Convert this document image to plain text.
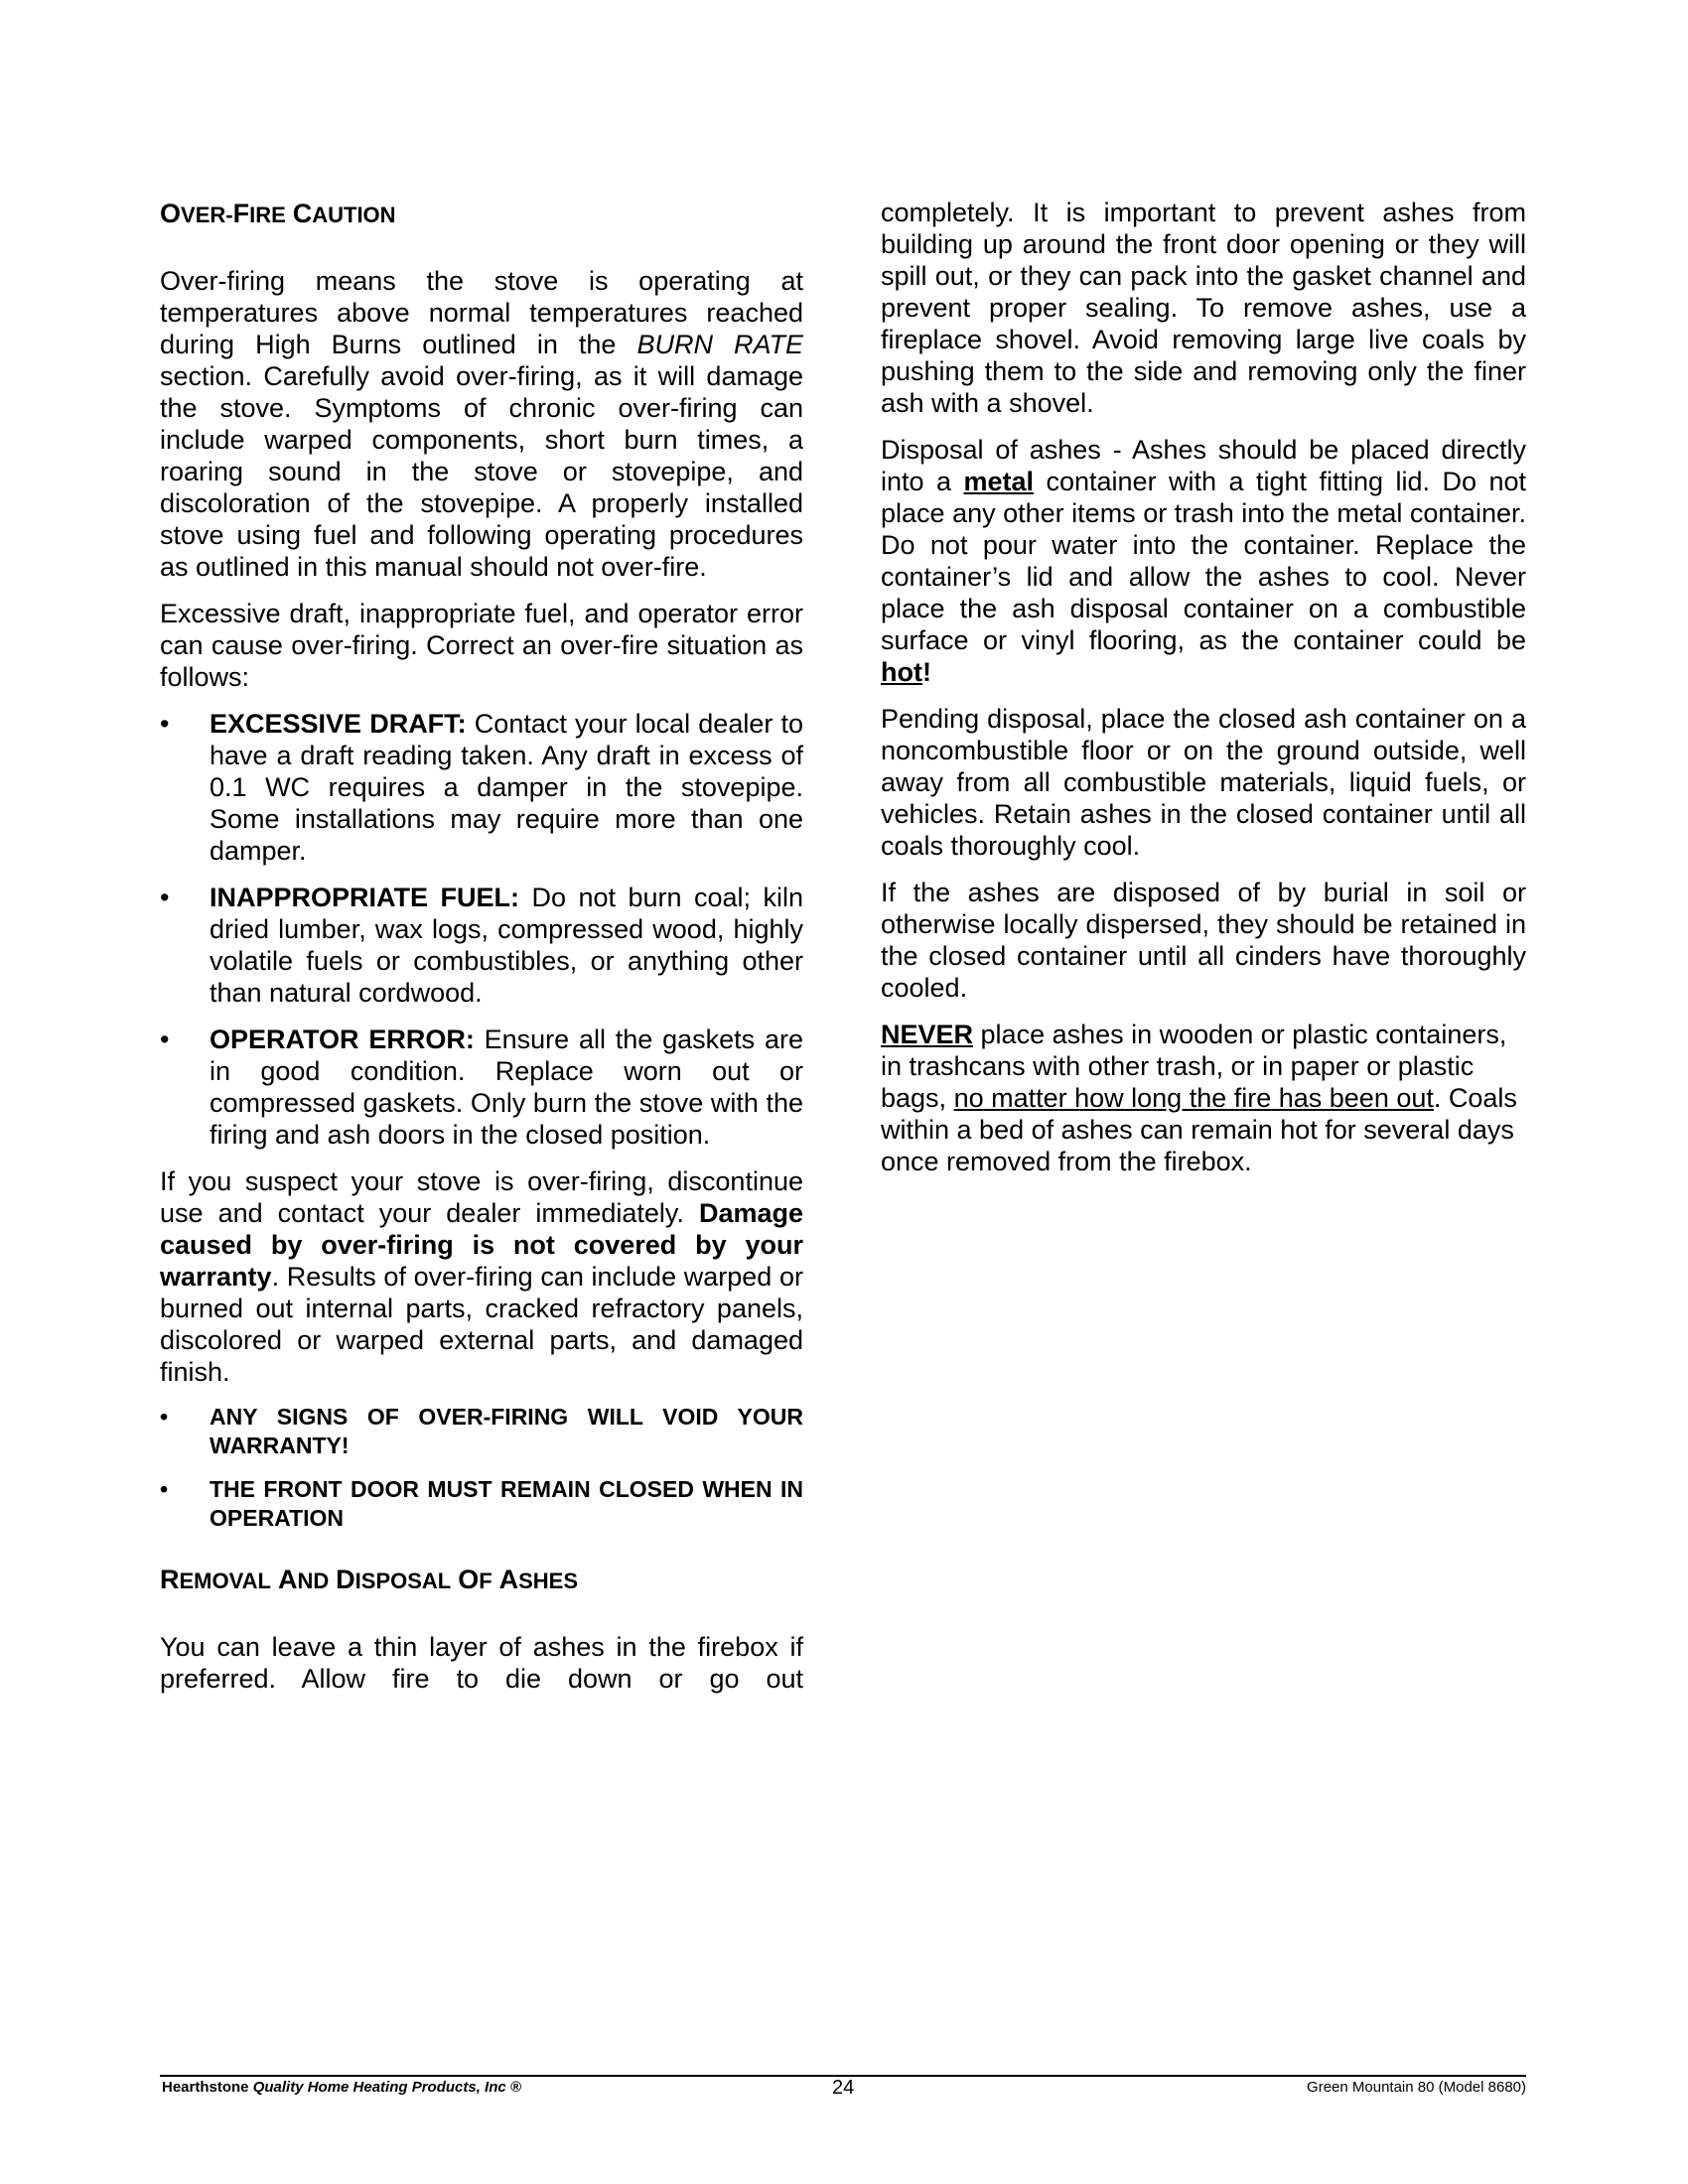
OVER-FIRE CAUTION

Over-firing means the stove is operating at temperatures above normal temperatures reached during High Burns outlined in the BURN RATE section. Carefully avoid over-firing, as it will damage the stove. Symptoms of chronic over-firing can include warped components, short burn times, a roaring sound in the stove or stovepipe, and discoloration of the stovepipe. A properly installed stove using fuel and following operating procedures as outlined in this manual should not over-fire.

Excessive draft, inappropriate fuel, and operator error can cause over-firing. Correct an over-fire situation as follows:

•	EXCESSIVE DRAFT: Contact your local dealer to have a draft reading taken. Any draft in excess of 0.1 WC requires a damper in the stovepipe. Some installations may require more than one damper.
•	INAPPROPRIATE FUEL: Do not burn coal; kiln dried lumber, wax logs, compressed wood, highly volatile fuels or combustibles, or anything other than natural cordwood.
•	OPERATOR ERROR: Ensure all the gaskets are in good condition. Replace worn out or compressed gaskets. Only burn the stove with the firing and ash doors in the closed position.

If you suspect your stove is over-firing, discontinue use and contact your dealer immediately. Damage caused by over-firing is not covered by your warranty. Results of over-firing can include warped or burned out internal parts, cracked refractory panels, discolored or warped external parts, and damaged finish.

•	ANY SIGNS OF OVER-FIRING WILL VOID YOUR WARRANTY!
•	THE FRONT DOOR MUST REMAIN CLOSED WHEN IN OPERATION
REMOVAL AND DISPOSAL OF ASHES

You can leave a thin layer of ashes in the firebox if preferred. Allow fire to die down or go out

completely. It is important to prevent ashes from building up around the front door opening or they will spill out, or they can pack into the gasket channel and prevent proper sealing. To remove ashes, use a fireplace shovel. Avoid removing large live coals by pushing them to the side and removing only the finer ash with a shovel.

Disposal of ashes - Ashes should be placed directly into a metal container with a tight fitting lid. Do not place any other items or trash into the metal container. Do not pour water into the container. Replace the container’s lid and allow the ashes to cool. Never place the ash disposal container on a combustible surface or vinyl flooring, as the container could be hot!

Pending disposal, place the closed ash container on a noncombustible floor or on the ground outside, well away from all combustible materials, liquid fuels, or vehicles. Retain ashes in the closed container until all coals thoroughly cool.

If the ashes are disposed of by burial in soil or otherwise locally dispersed, they should be retained in the closed container until all cinders have thoroughly cooled.

NEVER place ashes in wooden or plastic containers, in trashcans with other trash, or in paper or plastic bags, no matter how long the fire has been out. Coals within a bed of ashes can remain hot for several days once removed from the firebox.

Hearthstone Quality Home Heating Products, Inc ®	24	Green Mountain 80 (Model 8680)
